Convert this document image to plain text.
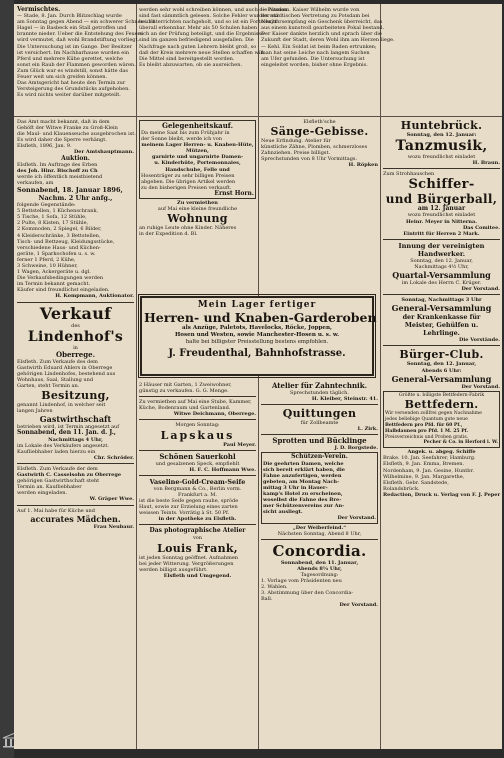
Vermischtes.
— Stade, 8. Jan. Durch Blitzschlag wurde
am Sonntag gegen Abend — ein schwerer Schnee und
Hagel — in Basbeck ein Stall getroffen und
brannte nieder. Ueber die Entstehung des Feuers
wird vermutet, daß wohl Brandstiftung vorliegt.
Die Untersuchung ist im Gange. Der Besitzer
ist versichert. Im Nachbarhause wurden ein
Pferd und mehrere Kühe gerettet, welche
sonst ein Raub der Flammen geworden wären.
Zum Glück war es windstill, sonst hätte das
Feuer weit um sich greifen können.
Das Amtsgericht hat heute den Termin zur
Versteigerung des Grundstücks aufgehoben.
Es wird nichts weiter darüber mitgeteilt.
werden sehr wohl schreiben können, und auch die Namen
sind fast sämmtlich gelesen. Solche Fehler wurden nur
bei Unterrichten nachgeholt, und so ist ein Fortschritt
überall erkennbar. Mehr als 50 Schulen haben
sich an der Prüfung beteiligt, und die Ergebnisse
sind im ganzen befriedigend ausgefallen. Die
Nachfrage nach guten Lehrern bleibt groß, so
daß der Kreis mehrere neue Stellen schaffen will.
Die Mittel sind bereitgestellt worden.
Es bleibt abzuwarten, ob sie ausreichen.
— Potsdam. Kaiser Wilhelm wurde von
der städtischen Vertretung zu Potsdam bei
Neujahrsempfang ein Geschenk überreicht, das
aus einem kunstvoll gearbeiteten Pokal bestand.
Der Kaiser dankte herzlich und sprach über die
Zukunft der Stadt, deren Wohl ihm am Herzen liege.
— Kehl. Ein Soldat ist beim Baden ertrunken;
man hat seine Leiche nach langem Suchen
am Ufer gefunden. Die Untersuchung ist
eingeleitet worden, bisher ohne Ergebnis.
Das Amt macht bekannt, daß in dem
Gehöft der Witwe Franke zu Groß-Klein
die Maul- und Klauenseuche ausgebrochen ist.
Es wird daher die Sperre verhängt.
Elsfleth, 1896, Jan. 9.
Der Amtshauptmann.
Auktion.
Elsfleth. Im Auftrage des Erben
des Joh. Hinr. Bischoff zu Ch
werde ich öffentlich meistbietend
verkaufen, am
Sonnabend, 18. Januar 1896,
Nachm. 2 Uhr anfg.,
folgende Gegenstände:
5 Bettstellen, 1 Küchenschrank,
5 Tische, 1 Sofa, 12 Stühle,
2 Pulte, 8 Kisten, 17 Stühle,
2 Kommoden, 2 Spiegel, 6 Bilder,
4 Kleiderschränke, 3 Bettstellen,
Tisch- und Bettzeug, Kleidungsstücke,
verschiedene Haus- und Küchen-
geräte, 1 Sparkochofen u. s. w.
ferner 1 Pferd, 2 Kühe,
3 Schweine, 10 Hühner,
1 Wagen, Ackergeräte u. dgl.
Die Verkaufsbedingungen werden
im Termin bekannt gemacht.
Käufer sind freundlichst eingeladen.
H. Kompmann, Auktionator.
Verkauf
des
Lindenhof's
in
Oberrege.
Elsfleth. Zum Verkaufe des dem
Gastwirth Eduard Ahlers in Oberrege
gehörigen Lindenhofes, bestehend aus
Wohnhaus, Saal, Stallung und
Garten, steht Termin an.
Besitzung,
genannt Lindenhof, in welcher seit
langen Jahren
Gastwirthschaft
betrieben wird, ist Termin angesetzt auf
Sonnabend, den 11. Jan. d. J.,
Nachmittags 4 Uhr,
im Lokale des Verkäufers angesetzt.
Kaufliebhaber laden hierzu ein
Chr. Schröder.
Elsfleth. Zum Verkaufe der dem
Gastwirth C. Casselsohn zu Oberrege
gehörigen Gastwirthschaft steht
Termin an. Kaufliebhaber
werden eingeladen.
W. Gräper Wwe.
Auf 1. Mai habe für Küche und
accurates Mädchen.
Frau Neubaur.
Gelegenheitskauf.
Da meine Saat bis zum Frühjahr in
der Sonne bleibt, werde ich von
meinem Lager Herren- u. Knaben-Hüte,
Mützen,
garnirte und ungarnirte Damen-
u. Kinderhüte, Portemonnaies,
Handschuhe, Felle und
Hosenträger zu sehr billigen Preisen
abgeben. Die übrigen Artikel werden
zu den bisherigen Preisen verkauft.
Ernst Horn.
Zu vermiethen
auf Mai eine kleine freundliche
Wohnung
an ruhige Leute ohne Kinder. Näheres
in der Expedition d. Bl.
Mein Lager fertiger
Herren- und Knaben-Garderoben
als Anzüge, Paletots, Havelocks, Röcke, Joppen,
Hosen und Westen, sowie Manchester-Hosen u. s. w.
halte bei billigster Preisstellung bestens empfohlen.
J. Freudenthal, Bahnhofstrasse.
2 Häuser mit Garten, 1 Zweiwohner,
günstig zu verkaufen. G. G. Menge.
Zu vermiethen auf Mai eine Stube, Kammer,
Küche, Bodenraum und Gartenland.
Witwe Deichmann, Oberrege.
Morgen Sonntag:
Lapskaus
Paul Meyer.
Schönen Sauerkohl
und gesalzenen Speck, empfiehlt
H. F. C. Hoffmann Wwe.
Vaseline-Gold-Cream-Seife
von Bergmann & Co., Berlin vorm.
Frankfurt a. M.
ist die beste Seife gegen rauhe, spröde
Haut, sowie zur Erzielung eines zarten
weissen Teints. Vorrätig à St. 50 Pf.
in der Apotheke zu Elsfleth.
Das photographische Atelier
von
Louis Frank,
ist jeden Sonntag geöffnet. Aufnahmen
bei jeder Witterung. Vergrößerungen
werden billigst ausgeführt.
Elsfleth und Umgegend.
Elsfleth'sche
Sänge-Gebisse.
Neue Erfindung. Atelier für
künstliche Zähne, Plomben, schmerzloses
Zahnziehen. Preise billigst.
Sprechstunden von 8 Uhr Vormittags.
H. Röpken
Atelier für Zahntechnik.
Sprechstunden täglich.
H. Kleiber, Steinstr. 41.
Quittungen
für Zollbeamte
L. Zirk.
Sprotten und Bücklinge
J. D. Borgstede.
Schützen-Verein.
Die geehrten Damen, welche
sich bereit erklärt haben, die
Fahne anzufertigen, werden
gebeten, am Montag Nach-
mittag 3 Uhr in Hauer-
kamp's Hotel zu erscheinen,
woselbst die Fahne des Bre-
mer Schützenvereins zur An-
sicht ausliegt.
Der Vorstand.
„Der Weiberfeind.“
Nächsten Sonntag, Abend 8 Uhr,
Concordia.
Sonnabend, den 11. Januar,
Abends 8¼ Uhr,
Tagesordnung:
1. Vorlage vom Präsidenten neu
2. Wahlen.
3. Abstimmung über den Concordia-
Ball.
Der Vorstand.
Huntebrück.
Sonntag, den 12. Januar:
Tanzmusik,
wozu freundlichst einladet
H. Braun.
Zum Strohhauschen
Schiffer-
und Bürgerball,
am 12. Januar
wozu freundlichst einladet
Heinr. Meyer in Nitterna.
Das Comitee.
Eintritt für Herren 2 Mark.
Innung der vereinigten Handwerker.
Sonntag, den 12. Januar,
Nachmittags 4½ Uhr,
Quartal-Versammlung
im Lokale des Herrn C. Krüger.
Der Vorstand.
Sonntag, Nachmittags 3 Uhr
General-Versammlung
der Krankenkasse für
Meister, Gehülfen u.
Lehrlinge.
Die Vorstände.
Bürger-Club.
Sonntag, den 12. Januar,
Abends 6 Uhr:
General-Versammlung
Der Vorstand.
Größte u. billigste Bettfedern-Fabrik
Bettfedern.
Wir versenden zollfrei gegen Nachnahme
jedes beliebige Quantum gute neue
Bettfedern pro Pfd. für 60 Pf.,
Halbdaunen pro Pfd. 1 M. 25 Pf.
Preisverzeichnis und Proben gratis.
Pecher & Co. in Herford i. W.
Angek. u. abgeg. Schiffe
Brake. 10. Jan. Seefahrer, Hamburg.
Elsfleth, 9. Jan. Emma, Bremen.
Nordenham, 9. Jan. Gesine, Huntbr.
Wilhelmine, 9. Jan. Margarethe,
Elsfleth. Gebr. Sandstede,
Rolandsbrück.
Redaction, Druck u. Verlag von F. J. Peper
